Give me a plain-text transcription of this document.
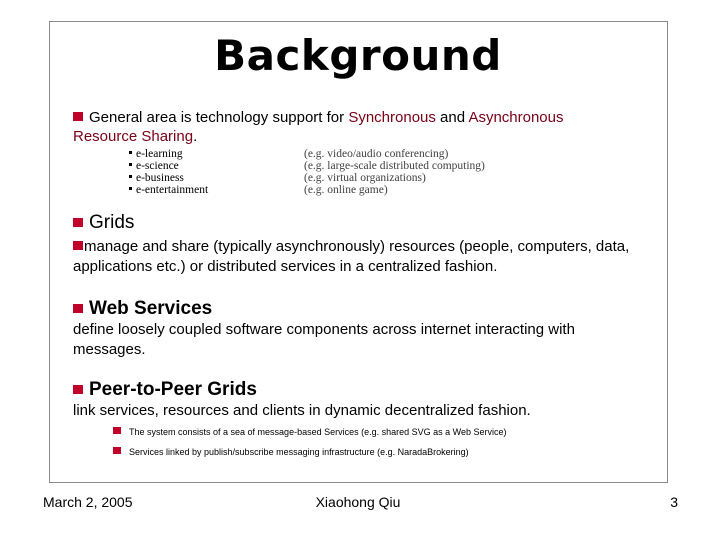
Background
General area is technology support for Synchronous and Asynchronous
Resource Sharing.
e-learning
e-science
e-business
e-entertainment
(e.g. video/audio conferencing)
(e.g. large-scale distributed computing)
(e.g. virtual organizations)
(e.g. online game)
Grids
manage and share (typically asynchronously) resources (people, computers, data, applications etc.) or distributed services in a centralized fashion.
Web Services
define loosely coupled software components across internet interacting with messages.
Peer-to-Peer Grids
link services, resources and clients in dynamic decentralized fashion.
The system consists of a sea of message-based Services (e.g. shared SVG as a Web Service)
Services linked by publish/subscribe messaging infrastructure (e.g. NaradaBrokering)
March 2, 2005	Xiaohong Qiu	3
